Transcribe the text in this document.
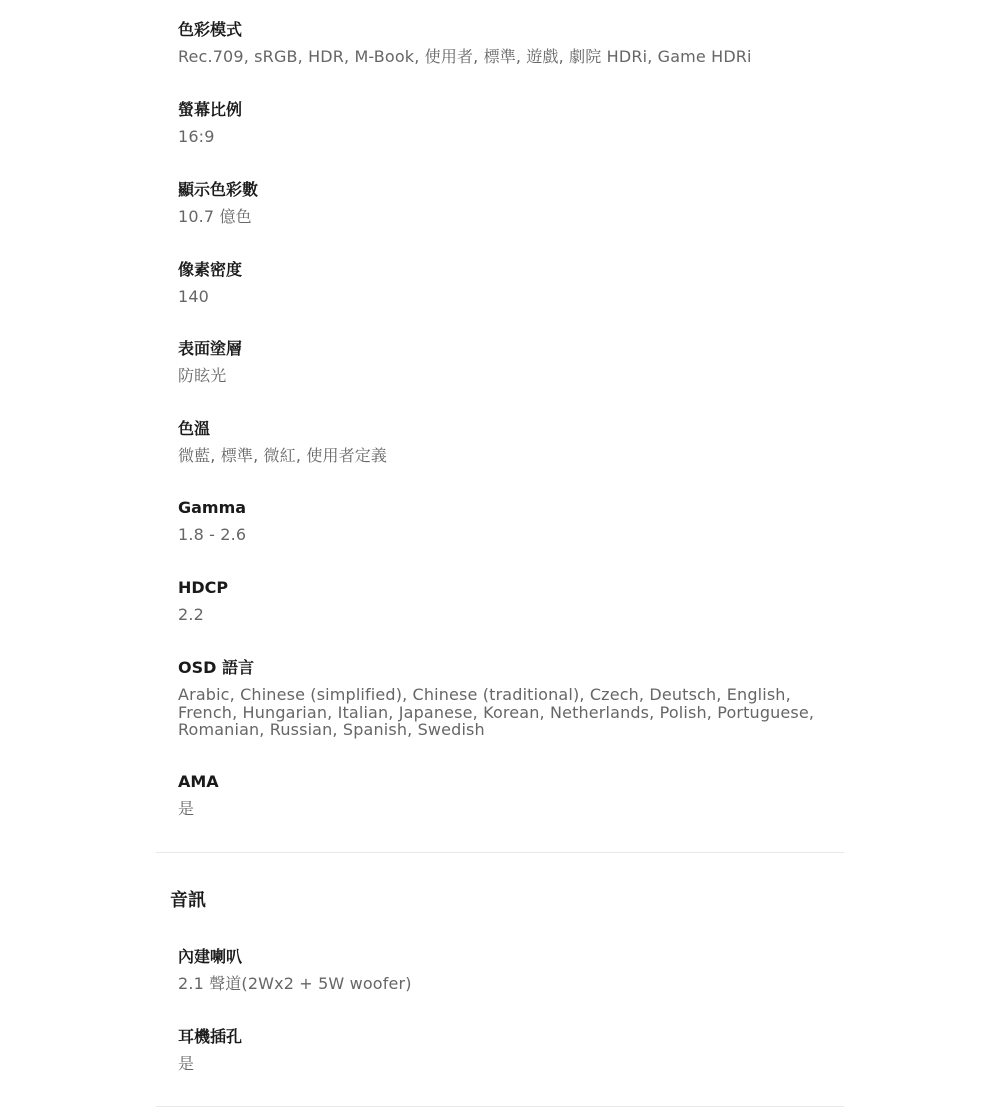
色彩模式
Rec.709, sRGB, HDR, M-Book, 使用者, 標準, 遊戲, 劇院 HDRi, Game HDRi
螢幕比例
16:9
顯示色彩數
10.7 億色
像素密度
140
表面塗層
防眩光
色溫
微藍, 標準, 微紅, 使用者定義
Gamma
1.8 - 2.6
HDCP
2.2
OSD 語言
Arabic, Chinese (simplified), Chinese (traditional), Czech, Deutsch, English, French, Hungarian, Italian, Japanese, Korean, Netherlands, Polish, Portuguese, Romanian, Russian, Spanish, Swedish
AMA
是
音訊
內建喇叭
2.1 聲道(2Wx2 + 5W woofer)
耳機插孔
是
